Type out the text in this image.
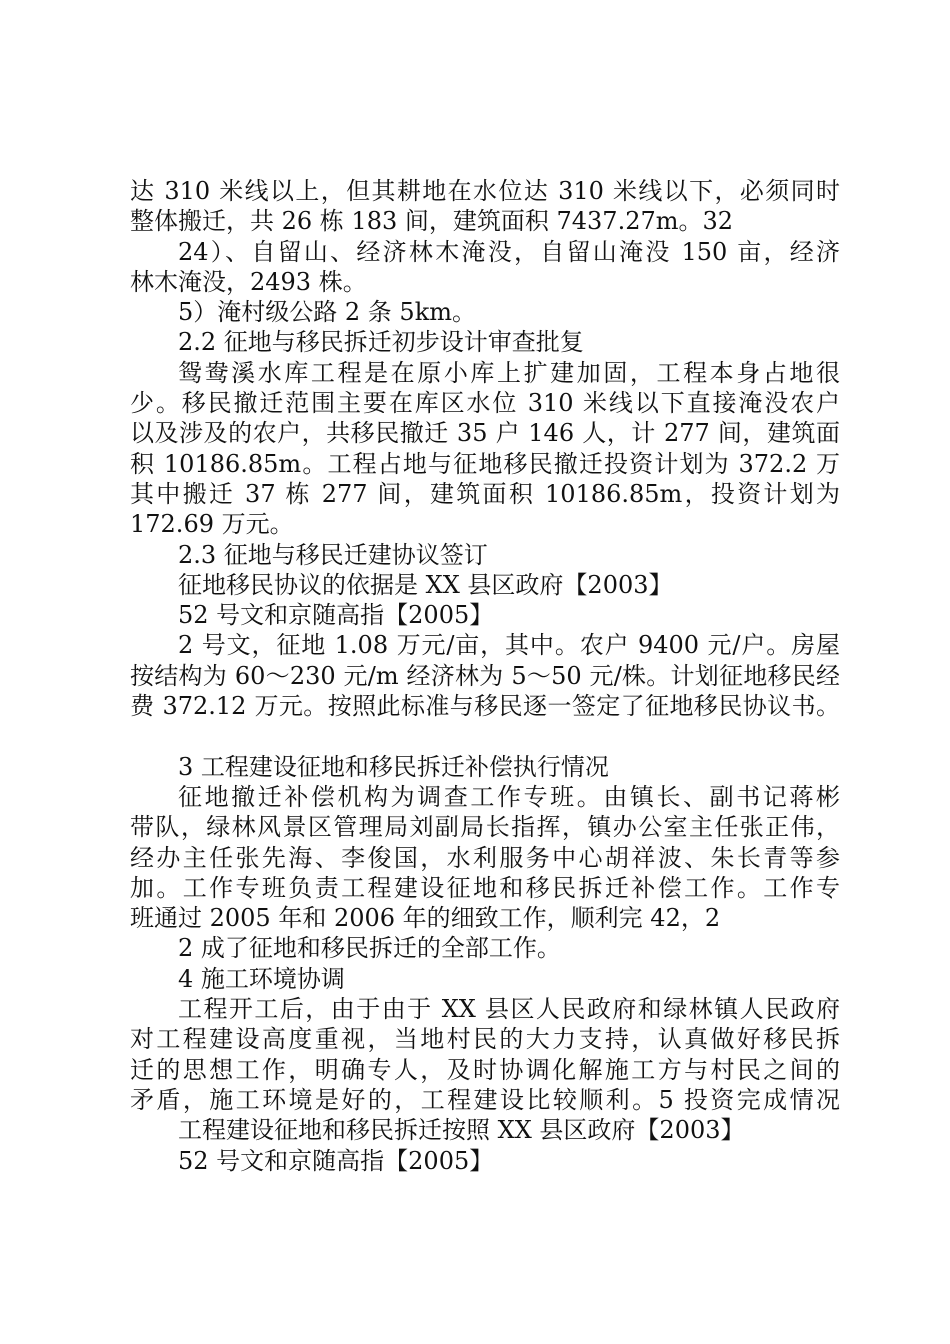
达 310 米线以上，但其耕地在水位达 310 米线以下，必须同时
整体搬迁，共 26 栋 183 间，建筑面积 7437.27m。32
24）、自留山、经济林木淹没，自留山淹没 150 亩，经济
林木淹没，2493 株。
5）淹村级公路 2 条 5km。
2.2 征地与移民拆迁初步设计审查批复
鸳鸯溪水库工程是在原小库上扩建加固，工程本身占地很
少。移民撤迁范围主要在库区水位 310 米线以下直接淹没农户
以及涉及的农户，共移民撤迁 35 户 146 人，计 277 间，建筑面
积 10186.85m。工程占地与征地移民撤迁投资计划为 372.2 万
其中搬迁 37 栋 277 间，建筑面积 10186.85m，投资计划为
172.69 万元。
2.3 征地与移民迁建协议签订
征地移民协议的依据是 XX 县区政府【2003】
52 号文和京随高指【2005】
2 号文，征地 1.08 万元/亩，其中。农户 9400 元/户。房屋
按结构为 60～230 元/m 经济林为 5～50 元/株。计划征地移民经
费 372.12 万元。按照此标准与移民逐一签定了征地移民协议书。
3 工程建设征地和移民拆迁补偿执行情况
征地撤迁补偿机构为调查工作专班。由镇长、副书记蒋彬
带队，绿林风景区管理局刘副局长指挥，镇办公室主任张正伟，
经办主任张先海、李俊国，水利服务中心胡祥波、朱长青等参
加。工作专班负责工程建设征地和移民拆迁补偿工作。工作专
班通过 2005 年和 2006 年的细致工作，顺利完 42，2
2 成了征地和移民拆迁的全部工作。
4 施工环境协调
工程开工后，由于由于 XX 县区人民政府和绿林镇人民政府
对工程建设高度重视，当地村民的大力支持，认真做好移民拆
迁的思想工作，明确专人，及时协调化解施工方与村民之间的
矛盾，施工环境是好的，工程建设比较顺利。5 投资完成情况
工程建设征地和移民拆迁按照 XX 县区政府【2003】
52 号文和京随高指【2005】
